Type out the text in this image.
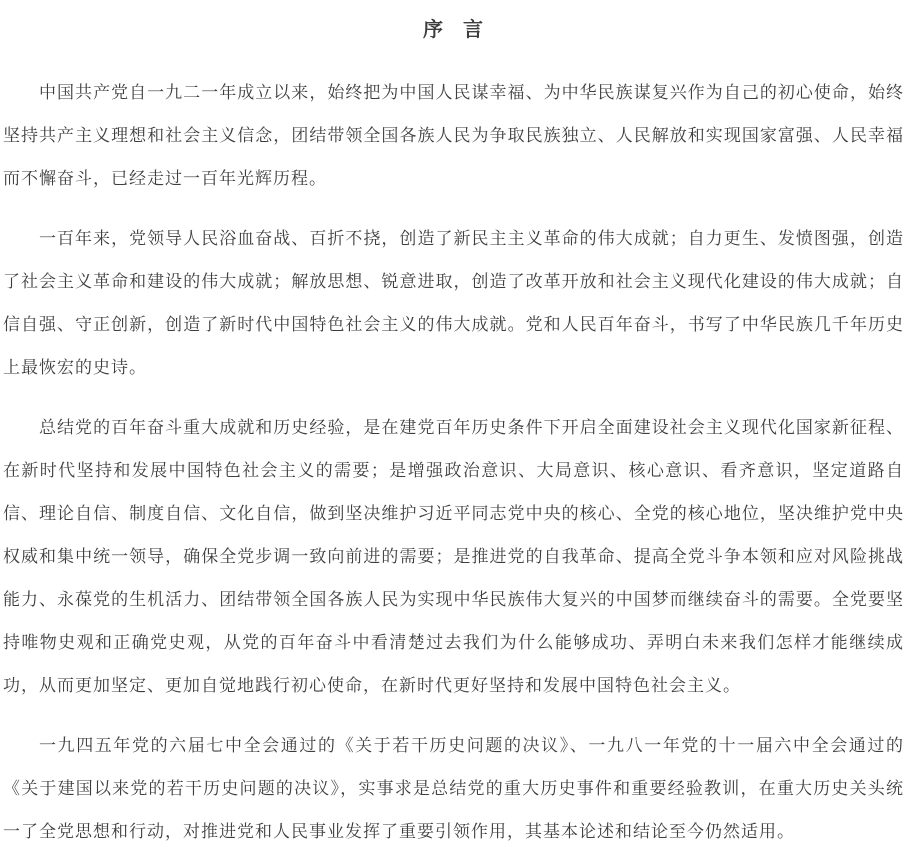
序　言
中国共产党自一九二一年成立以来，始终把为中国人民谋幸福、为中华民族谋复兴作为自己的初心使命，始终
坚持共产主义理想和社会主义信念，团结带领全国各族人民为争取民族独立、人民解放和实现国家富强、人民幸福
而不懈奋斗，已经走过一百年光辉历程。
一百年来，党领导人民浴血奋战、百折不挠，创造了新民主主义革命的伟大成就；自力更生、发愤图强，创造
了社会主义革命和建设的伟大成就；解放思想、锐意进取，创造了改革开放和社会主义现代化建设的伟大成就；自
信自强、守正创新，创造了新时代中国特色社会主义的伟大成就。党和人民百年奋斗，书写了中华民族几千年历史
上最恢宏的史诗。
总结党的百年奋斗重大成就和历史经验，是在建党百年历史条件下开启全面建设社会主义现代化国家新征程、
在新时代坚持和发展中国特色社会主义的需要；是增强政治意识、大局意识、核心意识、看齐意识，坚定道路自
信、理论自信、制度自信、文化自信，做到坚决维护习近平同志党中央的核心、全党的核心地位，坚决维护党中央
权威和集中统一领导，确保全党步调一致向前进的需要；是推进党的自我革命、提高全党斗争本领和应对风险挑战
能力、永葆党的生机活力、团结带领全国各族人民为实现中华民族伟大复兴的中国梦而继续奋斗的需要。全党要坚
持唯物史观和正确党史观，从党的百年奋斗中看清楚过去我们为什么能够成功、弄明白未来我们怎样才能继续成
功，从而更加坚定、更加自觉地践行初心使命，在新时代更好坚持和发展中国特色社会主义。
一九四五年党的六届七中全会通过的《关于若干历史问题的决议》、一九八一年党的十一届六中全会通过的
《关于建国以来党的若干历史问题的决议》，实事求是总结党的重大历史事件和重要经验教训，在重大历史关头统
一了全党思想和行动，对推进党和人民事业发挥了重要引领作用，其基本论述和结论至今仍然适用。
